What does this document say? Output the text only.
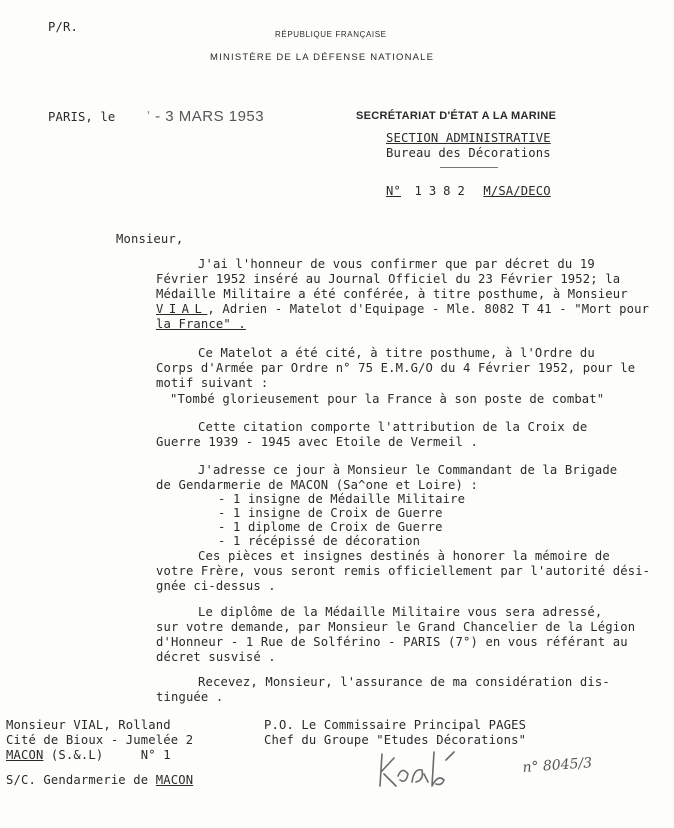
P/R.
RÉPUBLIQUE FRANÇAISE
MINISTÈRE DE LA DÉFENSE NATIONALE
PARIS, le ' - 3 MARS 1953	SECRÉTARIAT D'ÉTAT A LA MARINE
SECTION ADMINISTRATIVE
Bureau des Décorations
N° 1382 M/SA/DECO
Monsieur,
J'ai l'honneur de vous confirmer que par décret du 19
Février 1952 inséré au Journal Officiel du 23 Février 1952; la
Médaille Militaire a été conférée, à titre posthume, à Monsieur
VIAL, Adrien - Matelot d'Equipage - Mle. 8082 T 41 - "Mort pour
la France" .
Ce Matelot a été cité, à titre posthume, à l'Ordre du
Corps d'Armée par Ordre n° 75 E.M.G/O du 4 Février 1952, pour le
motif suivant :
"Tombé glorieusement pour la France à son poste de combat"
Cette citation comporte l'attribution de la Croix de
Guerre 1939 - 1945 avec Etoile de Vermeil .
J'adresse ce jour à Monsieur le Commandant de la Brigade
de Gendarmerie de MACON (Sa^one et Loire) :
- 1 insigne de Médaille Militaire
- 1 insigne de Croix de Guerre
- 1 diplome de Croix de Guerre
- 1 récépissé de décoration
Ces pièces et insignes destinés à honorer la mémoire de
votre Frère, vous seront remis officiellement par l'autorité dési-
gnée ci-dessus .
Le diplôme de la Médaille Militaire vous sera adressé,
sur votre demande, par Monsieur le Grand Chancelier de la Légion
d'Honneur - 1 Rue de Solférino - PARIS (7°) en vous référant au
décret susvisé .
Recevez, Monsieur, l'assurance de ma considération dis-
tinguée .
Monsieur VIAL, Rolland
Cité de Bioux - Jumelée 2
MACON (S.&.L)     N° 1
P.O. Le Commissaire Principal PAGES
Chef du Groupe "Etudes Décorations"
S/C. Gendarmerie de MACON
n° 8045/3
